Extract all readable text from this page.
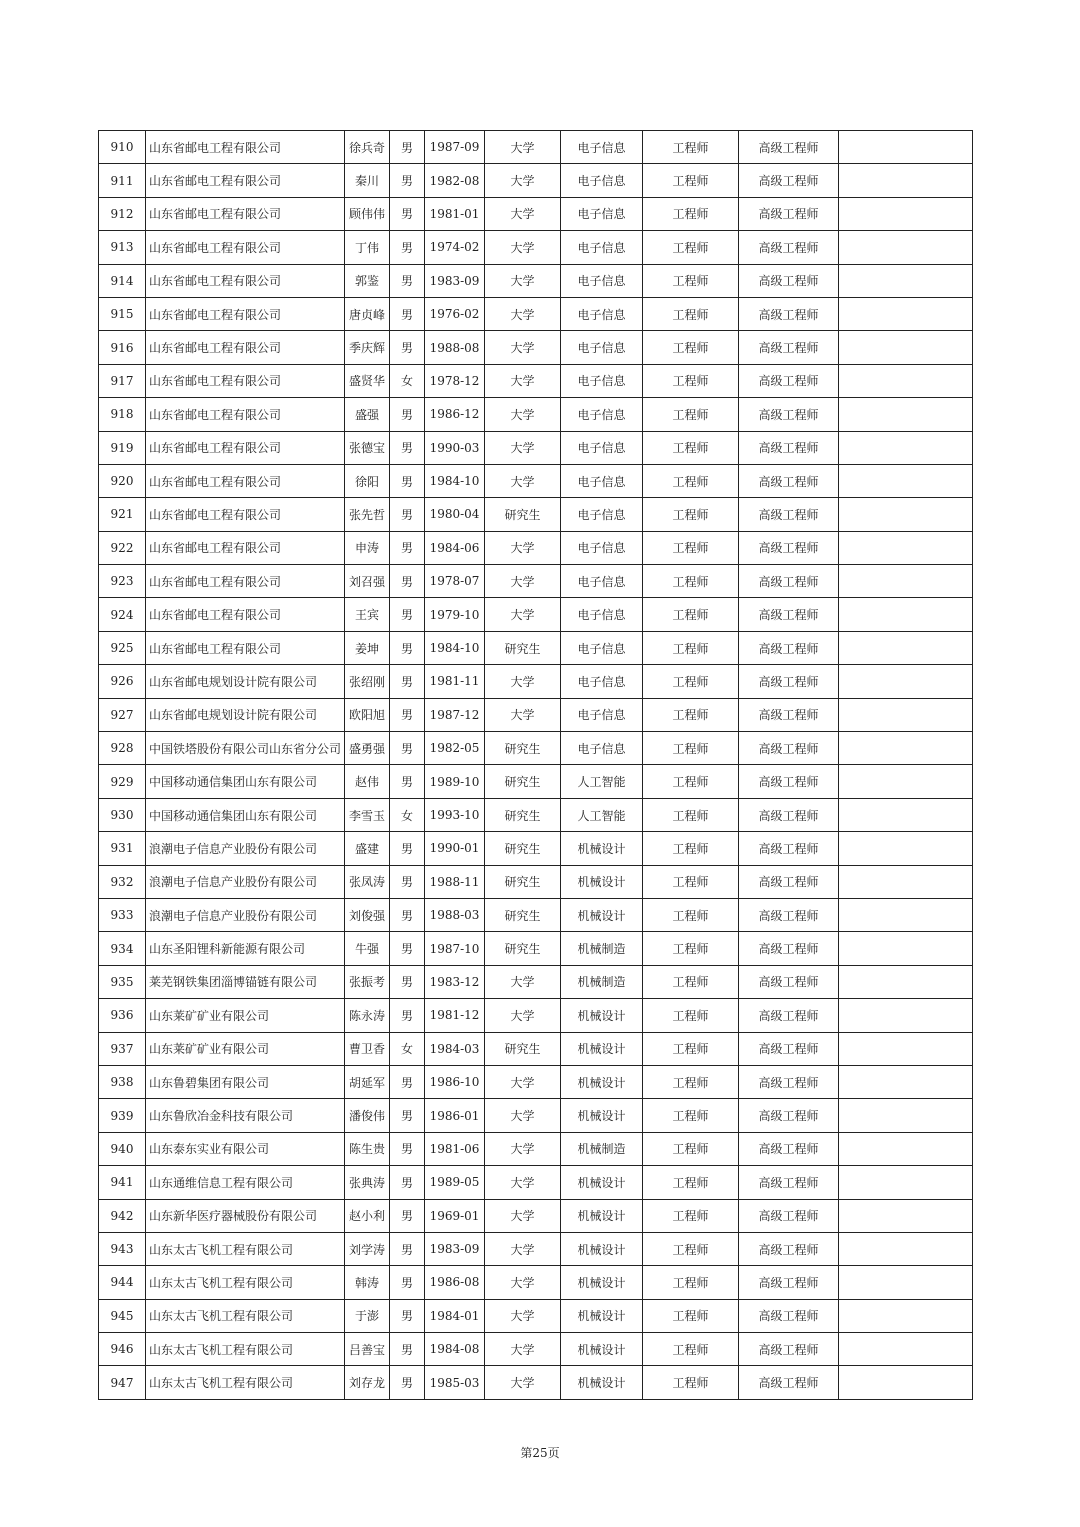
910	山东省邮电工程有限公司	徐兵奇	男	1987-09	大学	电子信息	工程师	高级工程师	
911	山东省邮电工程有限公司	秦川	男	1982-08	大学	电子信息	工程师	高级工程师	
912	山东省邮电工程有限公司	顾伟伟	男	1981-01	大学	电子信息	工程师	高级工程师	
913	山东省邮电工程有限公司	丁伟	男	1974-02	大学	电子信息	工程师	高级工程师	
914	山东省邮电工程有限公司	郭鉴	男	1983-09	大学	电子信息	工程师	高级工程师	
915	山东省邮电工程有限公司	唐贞峰	男	1976-02	大学	电子信息	工程师	高级工程师	
916	山东省邮电工程有限公司	季庆辉	男	1988-08	大学	电子信息	工程师	高级工程师	
917	山东省邮电工程有限公司	盛贤华	女	1978-12	大学	电子信息	工程师	高级工程师	
918	山东省邮电工程有限公司	盛强	男	1986-12	大学	电子信息	工程师	高级工程师	
919	山东省邮电工程有限公司	张德宝	男	1990-03	大学	电子信息	工程师	高级工程师	
920	山东省邮电工程有限公司	徐阳	男	1984-10	大学	电子信息	工程师	高级工程师	
921	山东省邮电工程有限公司	张先哲	男	1980-04	研究生	电子信息	工程师	高级工程师	
922	山东省邮电工程有限公司	申涛	男	1984-06	大学	电子信息	工程师	高级工程师	
923	山东省邮电工程有限公司	刘召强	男	1978-07	大学	电子信息	工程师	高级工程师	
924	山东省邮电工程有限公司	王宾	男	1979-10	大学	电子信息	工程师	高级工程师	
925	山东省邮电工程有限公司	姜坤	男	1984-10	研究生	电子信息	工程师	高级工程师	
926	山东省邮电规划设计院有限公司	张绍刚	男	1981-11	大学	电子信息	工程师	高级工程师	
927	山东省邮电规划设计院有限公司	欧阳旭	男	1987-12	大学	电子信息	工程师	高级工程师	
928	中国铁塔股份有限公司山东省分公司	盛勇强	男	1982-05	研究生	电子信息	工程师	高级工程师	
929	中国移动通信集团山东有限公司	赵伟	男	1989-10	研究生	人工智能	工程师	高级工程师	
930	中国移动通信集团山东有限公司	李雪玉	女	1993-10	研究生	人工智能	工程师	高级工程师	
931	浪潮电子信息产业股份有限公司	盛建	男	1990-01	研究生	机械设计	工程师	高级工程师	
932	浪潮电子信息产业股份有限公司	张凤涛	男	1988-11	研究生	机械设计	工程师	高级工程师	
933	浪潮电子信息产业股份有限公司	刘俊强	男	1988-03	研究生	机械设计	工程师	高级工程师	
934	山东圣阳锂科新能源有限公司	牛强	男	1987-10	研究生	机械制造	工程师	高级工程师	
935	莱芜钢铁集团淄博锚链有限公司	张振考	男	1983-12	大学	机械制造	工程师	高级工程师	
936	山东莱矿矿业有限公司	陈永涛	男	1981-12	大学	机械设计	工程师	高级工程师	
937	山东莱矿矿业有限公司	曹卫香	女	1984-03	研究生	机械设计	工程师	高级工程师	
938	山东鲁碧集团有限公司	胡延军	男	1986-10	大学	机械设计	工程师	高级工程师	
939	山东鲁欣冶金科技有限公司	潘俊伟	男	1986-01	大学	机械设计	工程师	高级工程师	
940	山东泰东实业有限公司	陈生贵	男	1981-06	大学	机械制造	工程师	高级工程师	
941	山东通维信息工程有限公司	张典涛	男	1989-05	大学	机械设计	工程师	高级工程师	
942	山东新华医疗器械股份有限公司	赵小利	男	1969-01	大学	机械设计	工程师	高级工程师	
943	山东太古飞机工程有限公司	刘学涛	男	1983-09	大学	机械设计	工程师	高级工程师	
944	山东太古飞机工程有限公司	韩涛	男	1986-08	大学	机械设计	工程师	高级工程师	
945	山东太古飞机工程有限公司	于澎	男	1984-01	大学	机械设计	工程师	高级工程师	
946	山东太古飞机工程有限公司	吕善宝	男	1984-08	大学	机械设计	工程师	高级工程师	
947	山东太古飞机工程有限公司	刘存龙	男	1985-03	大学	机械设计	工程师	高级工程师	
第25页
